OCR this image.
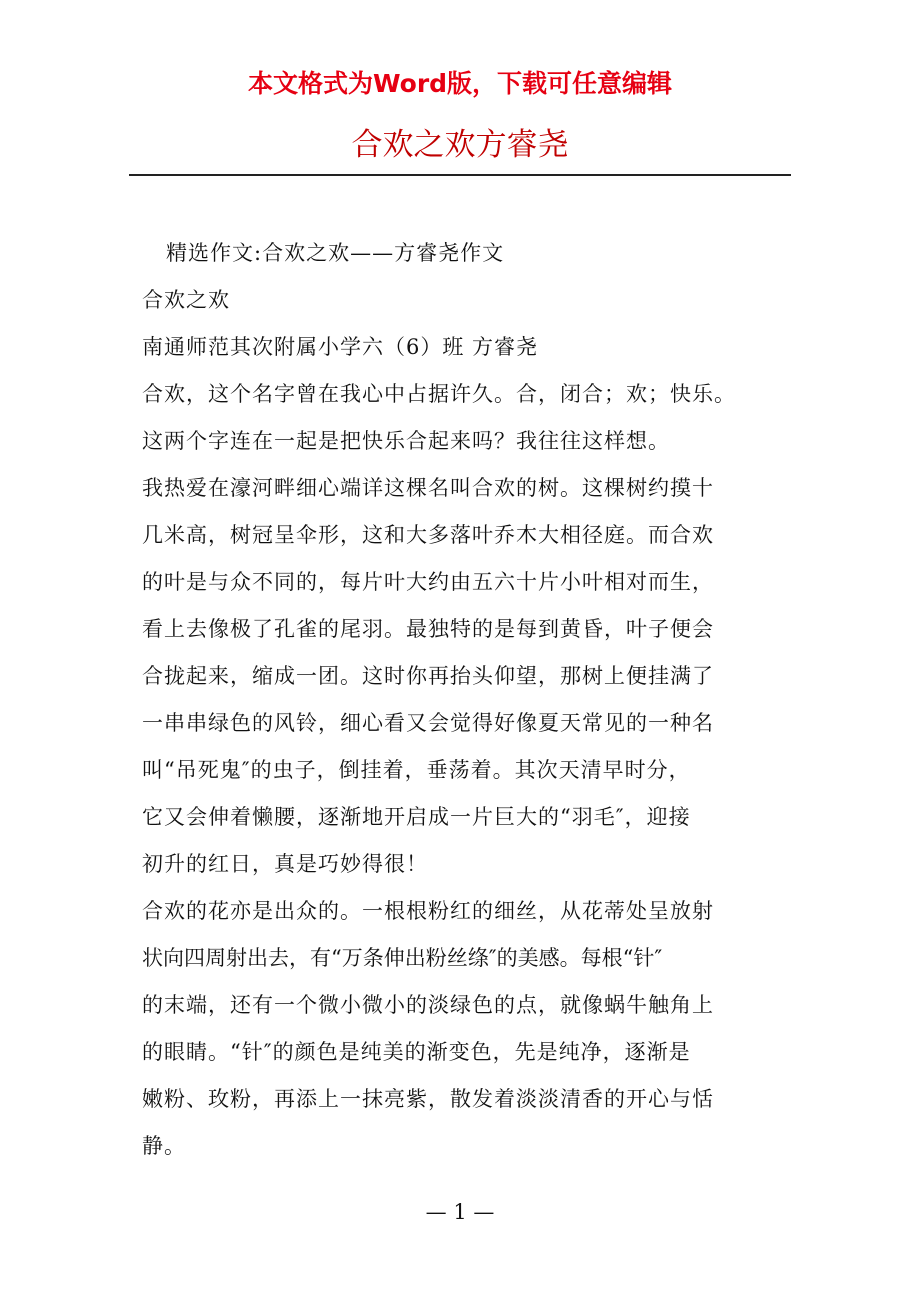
本文格式为Word版，下载可任意编辑
合欢之欢方睿尧
精选作文:合欢之欢——方睿尧作文
合欢之欢
南通师范其次附属小学六（6）班 方睿尧
合欢，这个名字曾在我心中占据许久。合，闭合；欢；快乐。
这两个字连在一起是把快乐合起来吗？我往往这样想。
我热爱在濠河畔细心端详这棵名叫合欢的树。这棵树约摸十
几米高，树冠呈伞形，这和大多落叶乔木大相径庭。而合欢
的叶是与众不同的，每片叶大约由五六十片小叶相对而生，
看上去像极了孔雀的尾羽。最独特的是每到黄昏，叶子便会
合拢起来，缩成一团。这时你再抬头仰望，那树上便挂满了
一串串绿色的风铃，细心看又会觉得好像夏天常见的一种名
叫“吊死鬼″的虫子，倒挂着，垂荡着。其次天清早时分，
它又会伸着懒腰，逐渐地开启成一片巨大的“羽毛″，迎接
初升的红日，真是巧妙得很！
合欢的花亦是出众的。一根根粉红的细丝，从花蒂处呈放射
状向四周射出去，有“万条伸出粉丝绦″的美感。每根“针″
的末端，还有一个微小微小的淡绿色的点，就像蜗牛触角上
的眼睛。“针″的颜色是纯美的渐变色，先是纯净，逐渐是
嫩粉、玫粉，再添上一抹亮紫，散发着淡淡清香的开心与恬
静。
— 1 —
